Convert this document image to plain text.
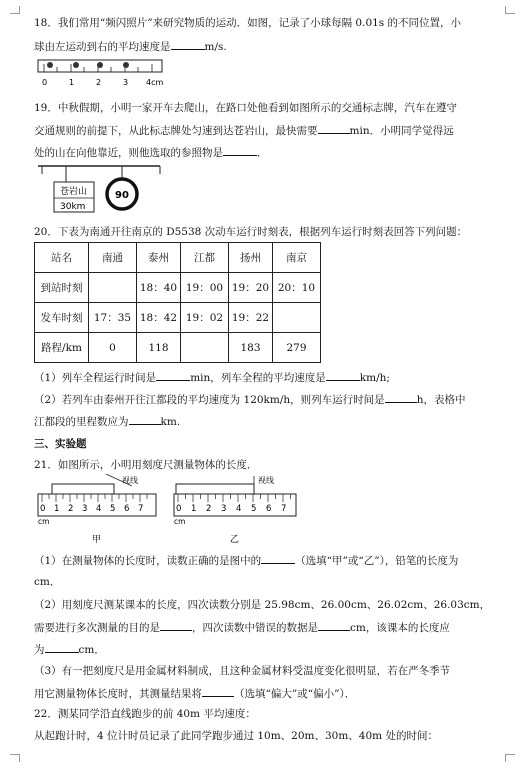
18．我们常用“频闪照片”来研究物质的运动．如图，记录了小球每隔 0.01s 的不同位置，小
球由左运动到右的平均速度是	m/s.
0	1	2	3 4cm
19．中秋假期，小明一家开车去爬山，在路口处他看到如图所示的交通标志牌，汽车在遵守
交通规则的前提下，从此标志牌处匀速到达苍岩山，最快需要	min．小明同学觉得远
处的山在向他靠近，则他选取的参照物是	．
苍岩山
30km
90
20．下表为南通开往南京的 D5538 次动车运行时刻表，根据列车运行时刻表回答下列问题：
站名	南通	泰州	江都	扬州	南京
到站时刻		18：40	19：00	19：20	20：10
发车时刻	17：35	18：42	19：02	19：22	
路程/km	0	118		183	279
（1）列车全程运行时间是	min，列车全程的平均速度是	km/h;
（2）若列车由泰州开往江都段的平均速度为 120km/h，则列车运行时间是	h，表格中
江都段的里程数应为	km.
三、实验题
21．如图所示，小明用刻度尺测量物体的长度．
视线
0 1 2 3 4 5 6 7
cm
甲
视线
0 1 2 3 4 5 6 7
cm
乙
（1）在测量物体的长度时，读数正确的是图中的	（选填“甲”或“乙”），铅笔的长度为
cm．
（2）用刻度尺测某课本的长度，四次读数分别是 25.98cm、26.00cm、26.02cm、26.03cm，
需要进行多次测量的目的是	，四次读数中错误的数据是	cm，该课本的长度应
为	cm．
（3）有一把刻度尺是用金属材料制成，且这种金属材料受温度变化很明显，若在严冬季节
用它测量物体长度时，其测量结果将	（选填“偏大”或“偏小”）．
22．测某同学沿直线跑步的前 40m 平均速度：
从起跑计时，4 位计时员记录了此同学跑步通过 10m、20m、30m、40m 处的时间：
